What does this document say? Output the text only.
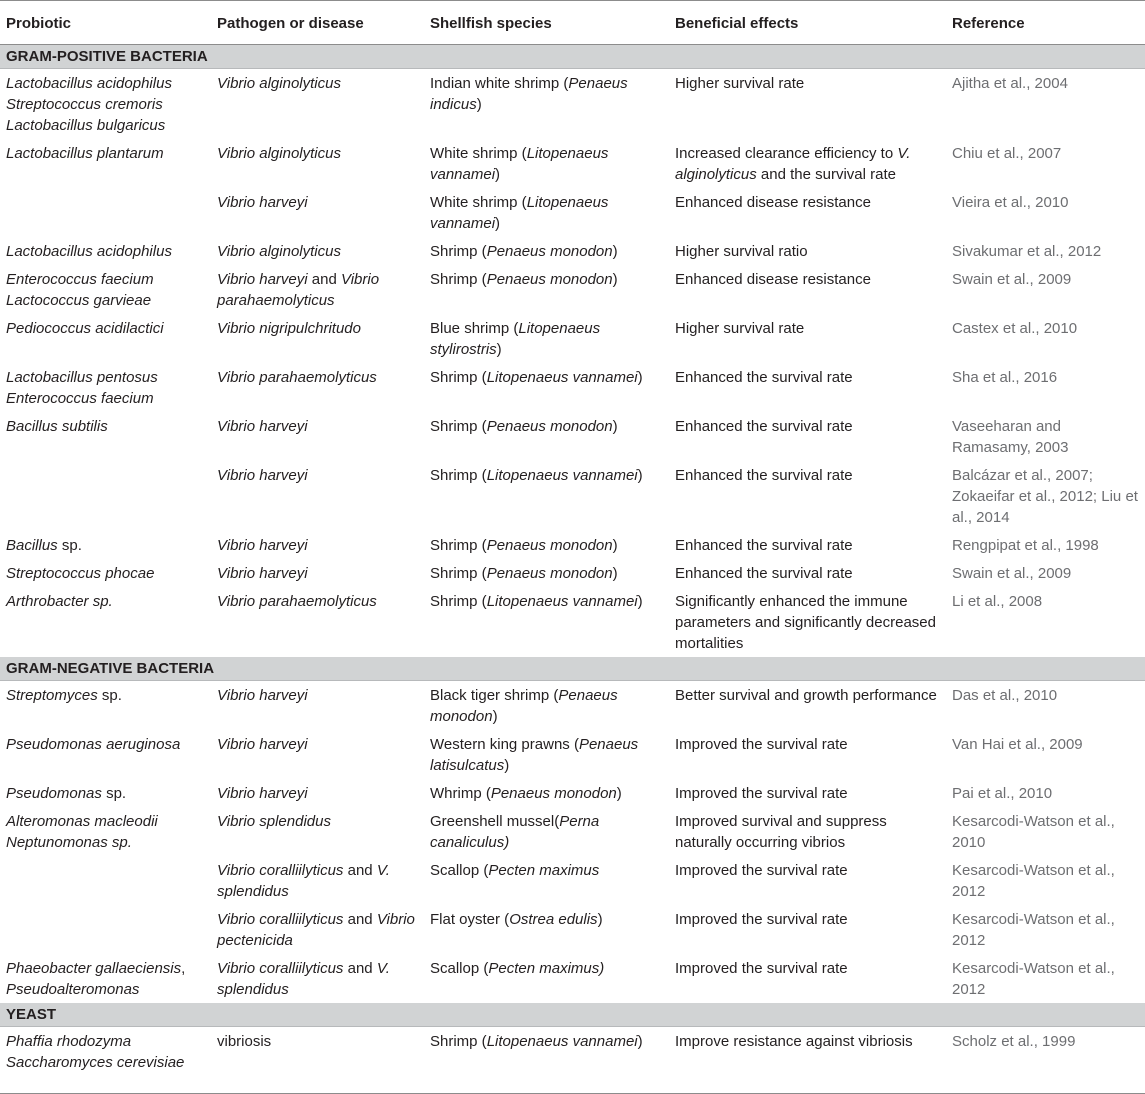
Probiotic	Pathogen or disease	Shellfish species	Beneficial effects	Reference
GRAM-POSITIVE BACTERIA				

Lactobacillus acidophilus
Streptococcus cremoris
Lactobacillus bulgaricus	Vibrio alginolyticus	Indian white shrimp (Penaeus indicus)	Higher survival rate	Ajitha et al., 2004

Lactobacillus plantarum	Vibrio alginolyticus	White shrimp (Litopenaeus vannamei)	Increased clearance efficiency to V. alginolyticus and the survival rate	Chiu et al., 2007

	Vibrio harveyi	White shrimp (Litopenaeus vannamei)	Enhanced disease resistance	Vieira et al., 2010

Lactobacillus acidophilus	Vibrio alginolyticus	Shrimp (Penaeus monodon)	Higher survival ratio	Sivakumar et al., 2012

Enterococcus faecium
Lactococcus garvieae	Vibrio harveyi and Vibrio parahaemolyticus	Shrimp (Penaeus monodon)	Enhanced disease resistance	Swain et al., 2009

Pediococcus acidilactici	Vibrio nigripulchritudo	Blue shrimp (Litopenaeus stylirostris)	Higher survival rate	Castex et al., 2010

Lactobacillus pentosus
Enterococcus faecium	Vibrio parahaemolyticus	Shrimp (Litopenaeus vannamei)	Enhanced the survival rate	Sha et al., 2016

Bacillus subtilis	Vibrio harveyi	Shrimp (Penaeus monodon)	Enhanced the survival rate	Vaseeharan and Ramasamy, 2003

	Vibrio harveyi	Shrimp (Litopenaeus vannamei)	Enhanced the survival rate	Balcázar et al., 2007; Zokaeifar et al., 2012; Liu et al., 2014

Bacillus sp.	Vibrio harveyi	Shrimp (Penaeus monodon)	Enhanced the survival rate	Rengpipat et al., 1998

Streptococcus phocae	Vibrio harveyi	Shrimp (Penaeus monodon)	Enhanced the survival rate	Swain et al., 2009

Arthrobacter sp.	Vibrio parahaemolyticus	Shrimp (Litopenaeus vannamei)	Significantly enhanced the immune parameters and significantly decreased mortalities	Li et al., 2008
GRAM-NEGATIVE BACTERIA				

Streptomyces sp.	Vibrio harveyi	Black tiger shrimp (Penaeus monodon)	Better survival and growth performance	Das et al., 2010

Pseudomonas aeruginosa	Vibrio harveyi	Western king prawns (Penaeus latisulcatus)	Improved the survival rate	Van Hai et al., 2009

Pseudomonas sp.	Vibrio harveyi	Whrimp (Penaeus monodon)	Improved the survival rate	Pai et al., 2010

Alteromonas macleodii
Neptunomonas sp.	Vibrio splendidus	Greenshell mussel(Perna canaliculus)	Improved survival and suppress naturally occurring vibrios	Kesarcodi-Watson et al., 2010

	Vibrio coralliilyticus and V. splendidus	Scallop (Pecten maximus	Improved the survival rate	Kesarcodi-Watson et al., 2012

	Vibrio coralliilyticus and Vibrio pectenicida	Flat oyster (Ostrea edulis)	Improved the survival rate	Kesarcodi-Watson et al., 2012

Phaeobacter gallaeciensis,
Pseudoalteromonas	Vibrio coralliilyticus and V. splendidus	Scallop (Pecten maximus)	Improved the survival rate	Kesarcodi-Watson et al., 2012
YEAST				

Phaffia rhodozyma
Saccharomyces cerevisiae	vibriosis	Shrimp (Litopenaeus vannamei)	Improve resistance against vibriosis	Scholz et al., 1999
